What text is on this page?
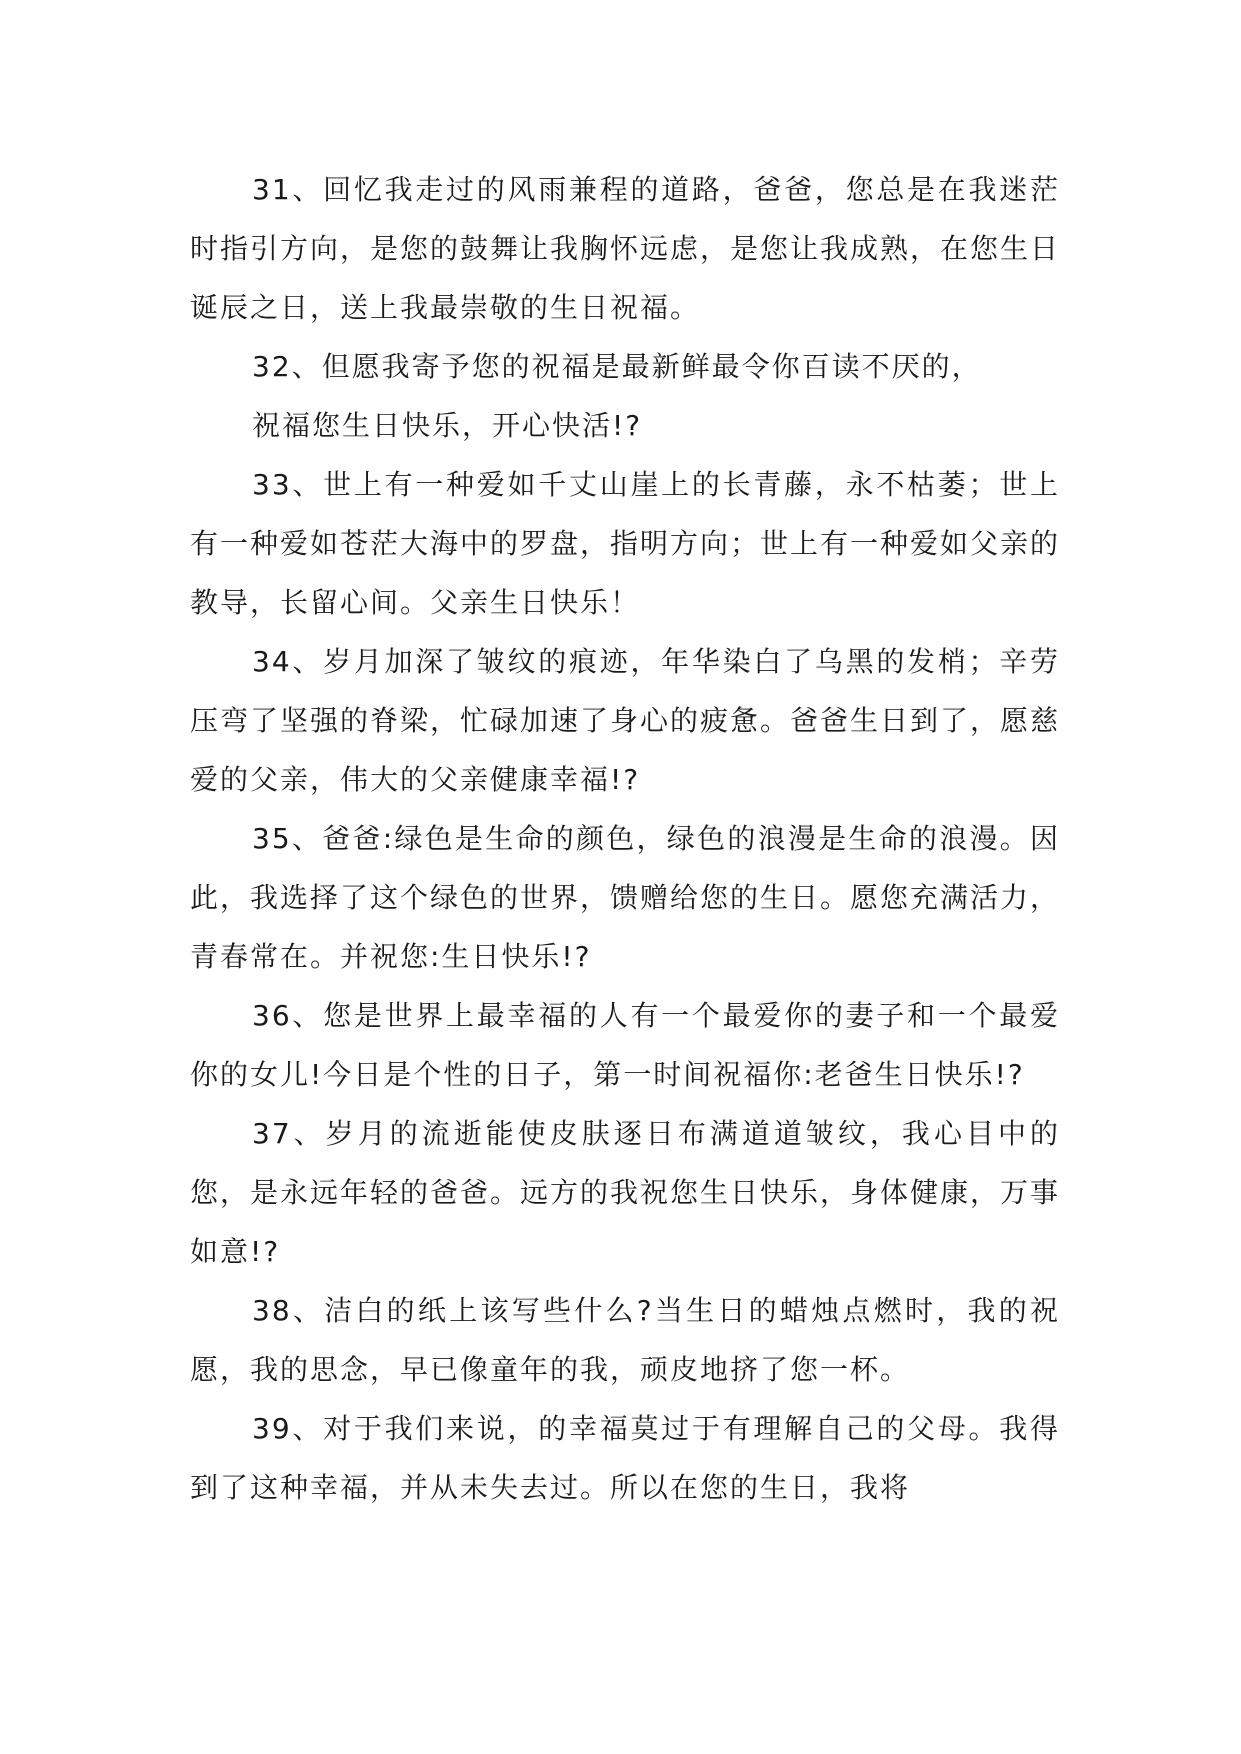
31、回忆我走过的风雨兼程的道路，爸爸，您总是在我迷茫时指引方向，是您的鼓舞让我胸怀远虑，是您让我成熟，在您生日诞辰之日，送上我最崇敬的生日祝福。

32、但愿我寄予您的祝福是最新鲜最令你百读不厌的，

祝福您生日快乐，开心快活!?

33、世上有一种爱如千丈山崖上的长青藤，永不枯萎；世上有一种爱如苍茫大海中的罗盘，指明方向；世上有一种爱如父亲的教导，长留心间。父亲生日快乐！

34、岁月加深了皱纹的痕迹，年华染白了乌黑的发梢；辛劳压弯了坚强的脊梁，忙碌加速了身心的疲惫。爸爸生日到了，愿慈爱的父亲，伟大的父亲健康幸福!?

35、爸爸:绿色是生命的颜色，绿色的浪漫是生命的浪漫。因此，我选择了这个绿色的世界，馈赠给您的生日。愿您充满活力，青春常在。并祝您:生日快乐!?

36、您是世界上最幸福的人有一个最爱你的妻子和一个最爱你的女儿!今日是个性的日子，第一时间祝福你:老爸生日快乐!?

37、岁月的流逝能使皮肤逐日布满道道皱纹，我心目中的您，是永远年轻的爸爸。远方的我祝您生日快乐，身体健康，万事如意!?

38、洁白的纸上该写些什么?当生日的蜡烛点燃时，我的祝愿，我的思念，早已像童年的我，顽皮地挤了您一杯。

39、对于我们来说，的幸福莫过于有理解自己的父母。我得到了这种幸福，并从未失去过。所以在您的生日，我将
